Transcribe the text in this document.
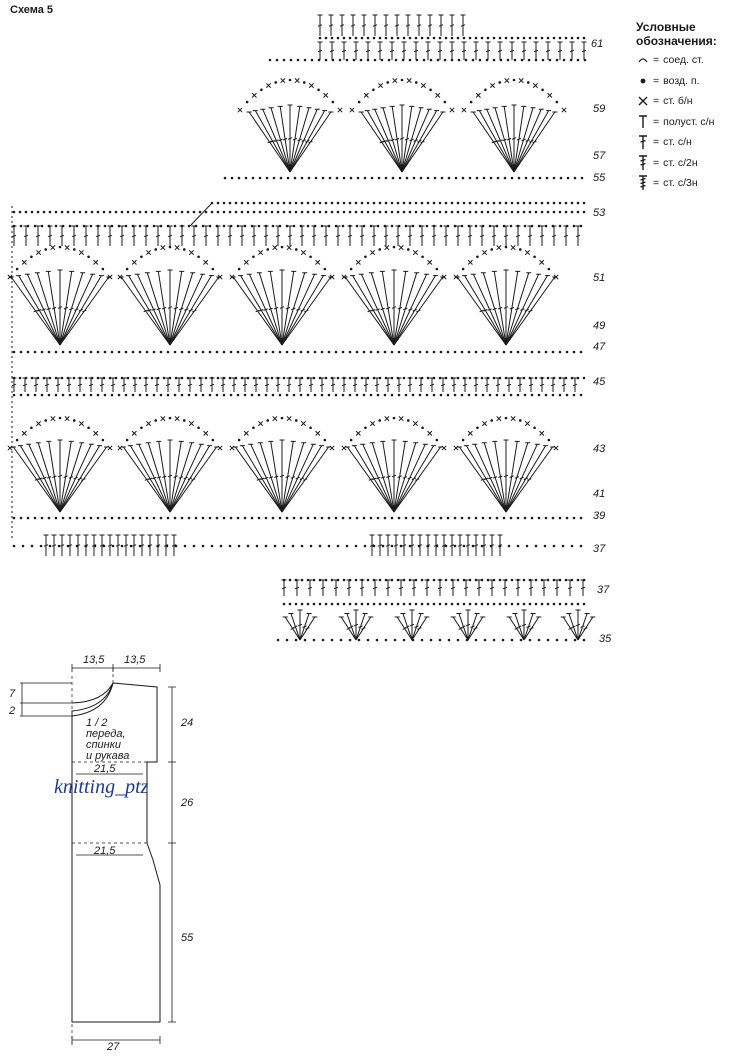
Схема 5
61
59
57
55
53
51
49
47
45
43
41
39
37
37
35
Условные
обозначения:
= соед. ст.
= возд. п.
= ст. б/н
= полуст. с/н
= ст. с/н
= ст. с/2н
= ст. с/3н
13,5 13,5
7
2
24
26
55
21,5
21,5
27
1 / 2
переда,
спинки
и рукава
knitting_ptz
